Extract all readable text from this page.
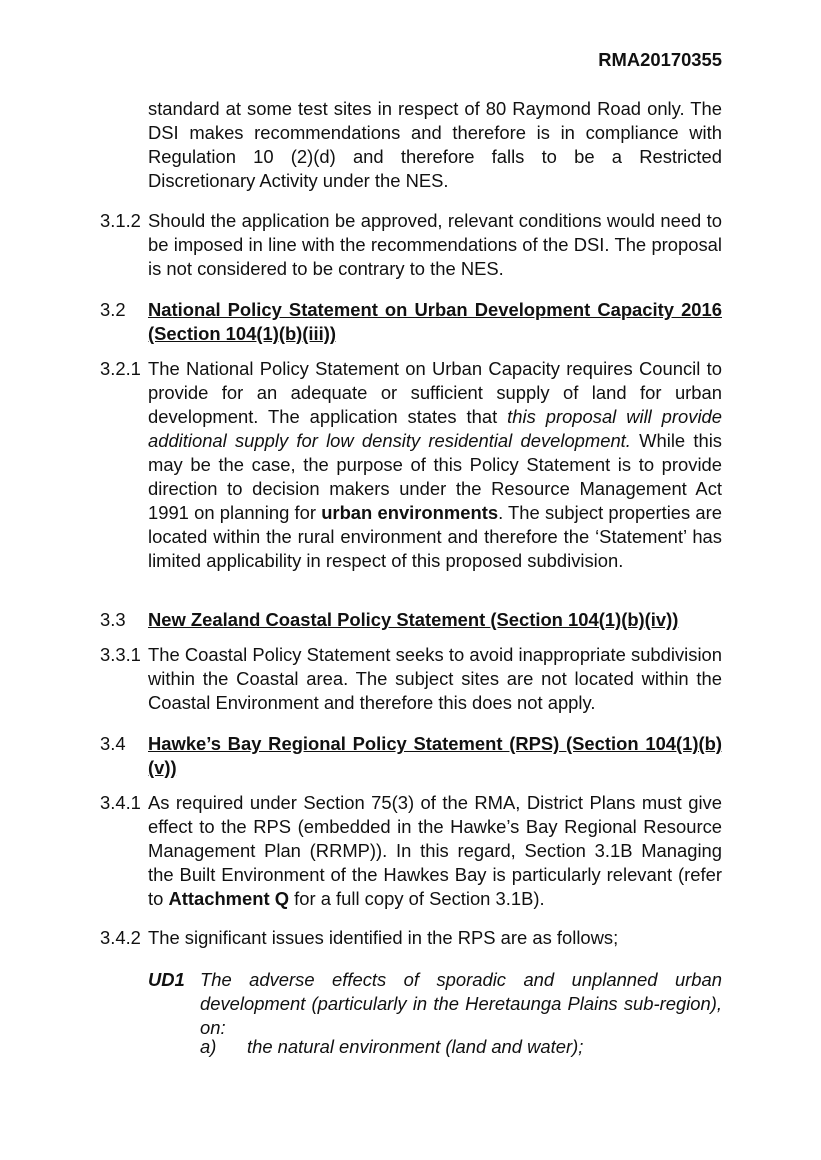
RMA20170355
standard at some test sites in respect of 80 Raymond Road only. The DSI makes recommendations and therefore is in compliance with Regulation 10 (2)(d) and therefore falls to be a Restricted Discretionary Activity under the NES.
3.1.2 Should the application be approved, relevant conditions would need to be imposed in line with the recommendations of the DSI. The proposal is not considered to be contrary to the NES.
3.2 National Policy Statement on Urban Development Capacity 2016 (Section 104(1)(b)(iii))
3.2.1 The National Policy Statement on Urban Capacity requires Council to provide for an adequate or sufficient supply of land for urban development. The application states that this proposal will provide additional supply for low density residential development. While this may be the case, the purpose of this Policy Statement is to provide direction to decision makers under the Resource Management Act 1991 on planning for urban environments. The subject properties are located within the rural environment and therefore the ‘Statement’ has limited applicability in respect of this proposed subdivision.
3.3 New Zealand Coastal Policy Statement (Section 104(1)(b)(iv))
3.3.1 The Coastal Policy Statement seeks to avoid inappropriate subdivision within the Coastal area. The subject sites are not located within the Coastal Environment and therefore this does not apply.
3.4 Hawke’s Bay Regional Policy Statement (RPS) (Section 104(1)(b)(v))
3.4.1 As required under Section 75(3) of the RMA, District Plans must give effect to the RPS (embedded in the Hawke’s Bay Regional Resource Management Plan (RRMP)). In this regard, Section 3.1B Managing the Built Environment of the Hawkes Bay is particularly relevant (refer to Attachment Q for a full copy of Section 3.1B).
3.4.2 The significant issues identified in the RPS are as follows;
UD1 The adverse effects of sporadic and unplanned urban development (particularly in the Heretaunga Plains sub-region), on:
a) the natural environment (land and water);
